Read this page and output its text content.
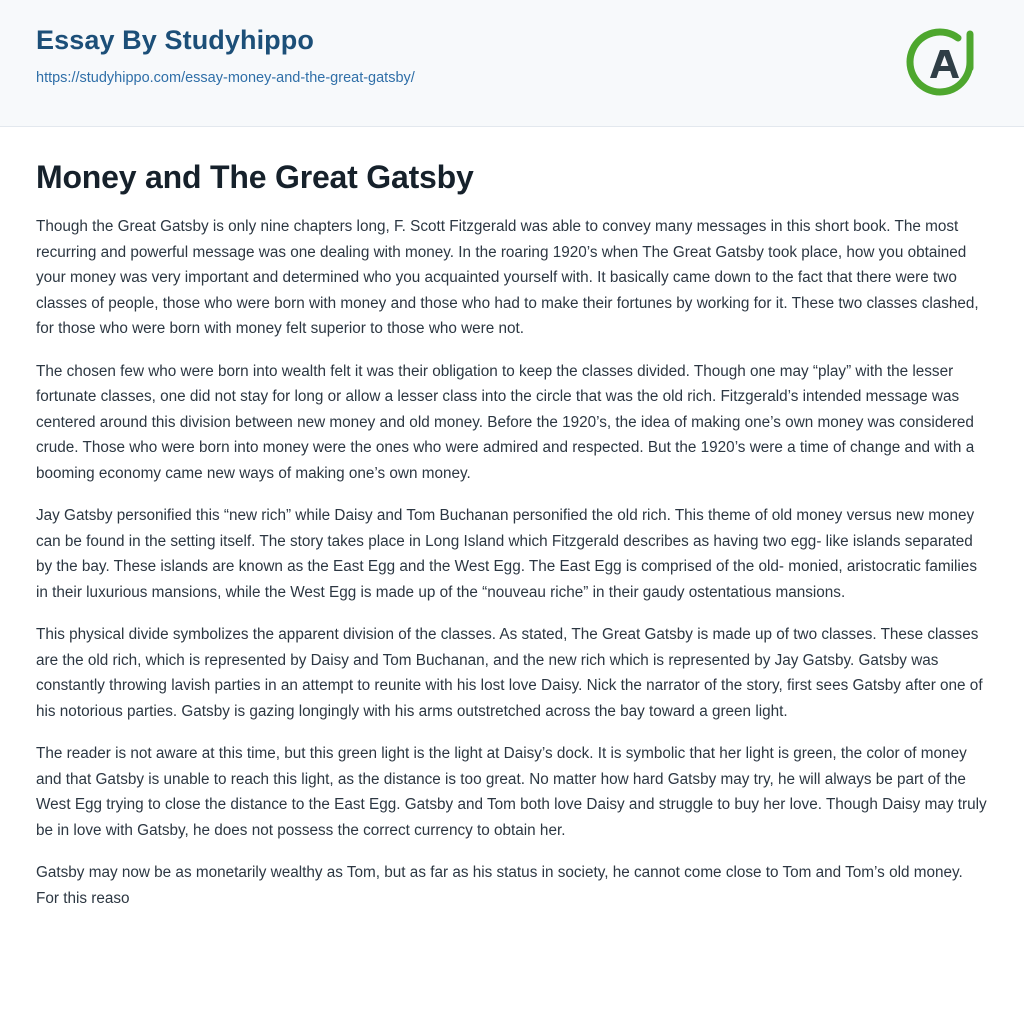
Essay By Studyhippo
https://studyhippo.com/essay-money-and-the-great-gatsby/
Money and The Great Gatsby

Though the Great Gatsby is only nine chapters long, F. Scott Fitzgerald was able to convey many messages in this short book. The most recurring and powerful message was one dealing with money. In the roaring 1920’s when The Great Gatsby took place, how you obtained your money was very important and determined who you acquainted yourself with. It basically came down to the fact that there were two classes of people, those who were born with money and those who had to make their fortunes by working for it. These two classes clashed, for those who were born with money felt superior to those who were not.

The chosen few who were born into wealth felt it was their obligation to keep the classes divided. Though one may “play” with the lesser fortunate classes, one did not stay for long or allow a lesser class into the circle that was the old rich. Fitzgerald’s intended message was centered around this division between new money and old money. Before the 1920’s, the idea of making one’s own money was considered crude. Those who were born into money were the ones who were admired and respected. But the 1920’s were a time of change and with a booming economy came new ways of making one’s own money.

Jay Gatsby personified this “new rich” while Daisy and Tom Buchanan personified the old rich. This theme of old money versus new money can be found in the setting itself. The story takes place in Long Island which Fitzgerald describes as having two egg- like islands separated by the bay. These islands are known as the East Egg and the West Egg. The East Egg is comprised of the old- monied, aristocratic families in their luxurious mansions, while the West Egg is made up of the “nouveau riche” in their gaudy ostentatious mansions.

This physical divide symbolizes the apparent division of the classes. As stated, The Great Gatsby is made up of two classes. These classes are the old rich, which is represented by Daisy and Tom Buchanan, and the new rich which is represented by Jay Gatsby. Gatsby was constantly throwing lavish parties in an attempt to reunite with his lost love Daisy. Nick the narrator of the story, first sees Gatsby after one of his notorious parties. Gatsby is gazing longingly with his arms outstretched across the bay toward a green light.

The reader is not aware at this time, but this green light is the light at Daisy’s dock. It is symbolic that her light is green, the color of money and that Gatsby is unable to reach this light, as the distance is too great. No matter how hard Gatsby may try, he will always be part of the West Egg trying to close the distance to the East Egg. Gatsby and Tom both love Daisy and struggle to buy her love. Though Daisy may truly be in love with Gatsby, he does not possess the correct currency to obtain her.

Gatsby may now be as monetarily wealthy as Tom, but as far as his status in society, he cannot come close to Tom and Tom’s old money. For this reaso
